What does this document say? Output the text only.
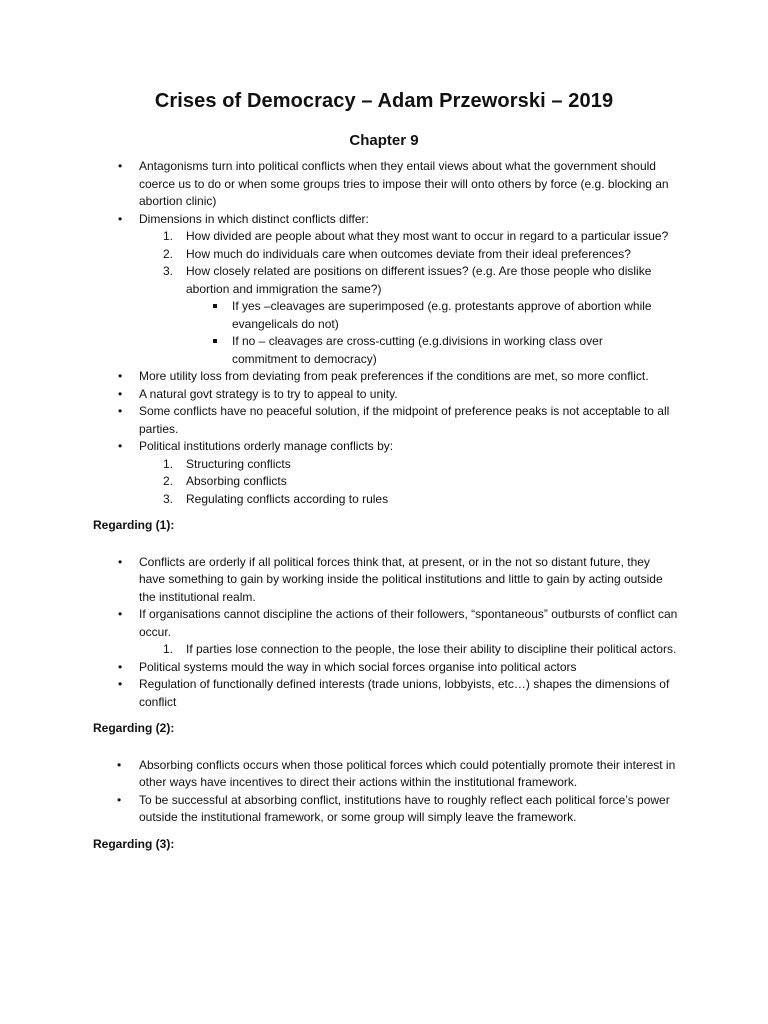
Crises of Democracy – Adam Przeworski – 2019
Chapter 9
• Antagonisms turn into political conflicts when they entail views about what the government should coerce us to do or when some groups tries to impose their will onto others by force (e.g. blocking an abortion clinic)
• Dimensions in which distinct conflicts differ:
1. How divided are people about what they most want to occur in regard to a particular issue?
2. How much do individuals care when outcomes deviate from their ideal preferences?
3. How closely related are positions on different issues? (e.g. Are those people who dislike abortion and immigration the same?)
If yes –cleavages are superimposed (e.g. protestants approve of abortion while evangelicals do not)
If no – cleavages are cross-cutting (e.g.divisions in working class over commitment to democracy)
• More utility loss from deviating from peak preferences if the conditions are met, so more conflict.
• A natural govt strategy is to try to appeal to unity.
• Some conflicts have no peaceful solution, if the midpoint of preference peaks is not acceptable to all parties.
• Political institutions orderly manage conflicts by:
1. Structuring conflicts
2. Absorbing conflicts
3. Regulating conflicts according to rules
Regarding (1):
• Conflicts are orderly if all political forces think that, at present, or in the not so distant future, they have something to gain by working inside the political institutions and little to gain by acting outside the institutional realm.
• If organisations cannot discipline the actions of their followers, “spontaneous” outbursts of conflict can occur.
1. If parties lose connection to the people, the lose their ability to discipline their political actors.
• Political systems mould the way in which social forces organise into political actors
• Regulation of functionally defined interests (trade unions, lobbyists, etc…) shapes the dimensions of conflict
Regarding (2):
• Absorbing conflicts occurs when those political forces which could potentially promote their interest in other ways have incentives to direct their actions within the institutional framework.
• To be successful at absorbing conflict, institutions have to roughly reflect each political force’s power outside the institutional framework, or some group will simply leave the framework.
Regarding (3):
